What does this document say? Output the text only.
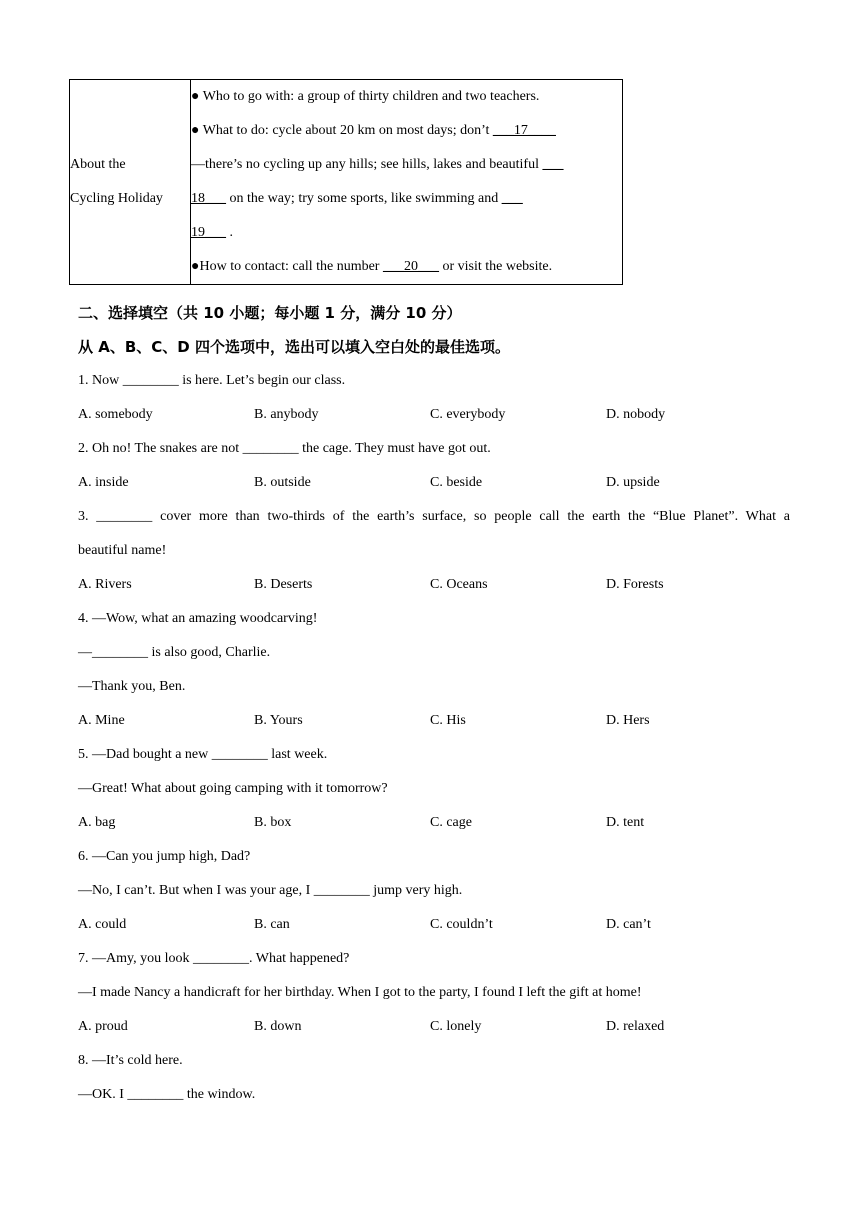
About the
Cycling Holiday

● Who to go with: a group of thirty children and two teachers.
● What to do: cycle about 20 km on most days; don’t ___17____
—there’s no cycling up any hills; see hills, lakes and beautiful ___
18___ on the way; try some sports, like swimming and ___
19___ .
●How to contact: call the number ___20___ or visit the website.
二、选择填空（共 10 小题；每小题 1 分，满分 10 分）
从 A、B、C、D 四个选项中，选出可以填入空白处的最佳选项。
1. Now ________ is here. Let’s begin our class.
A. somebody	B. anybody	C. everybody	D. nobody
2. Oh no! The snakes are not ________ the cage. They must have got out.
A. inside	B. outside	C. beside	D. upside
3. ________ cover more than two-thirds of the earth’s surface, so people call the earth the “Blue Planet”. What a
beautiful name!
A. Rivers	B. Deserts	C. Oceans	D. Forests
4. —Wow, what an amazing woodcarving!
—________ is also good, Charlie.
—Thank you, Ben.
A. Mine	B. Yours	C. His	D. Hers
5. —Dad bought a new ________ last week.
—Great! What about going camping with it tomorrow?
A. bag	B. box	C. cage	D. tent
6. —Can you jump high, Dad?
—No, I can’t. But when I was your age, I ________ jump very high.
A. could	B. can	C. couldn’t	D. can’t
7. —Amy, you look ________. What happened?
—I made Nancy a handicraft for her birthday. When I got to the party, I found I left the gift at home!
A. proud	B. down	C. lonely	D. relaxed
8. —It’s cold here.
—OK. I ________ the window.
